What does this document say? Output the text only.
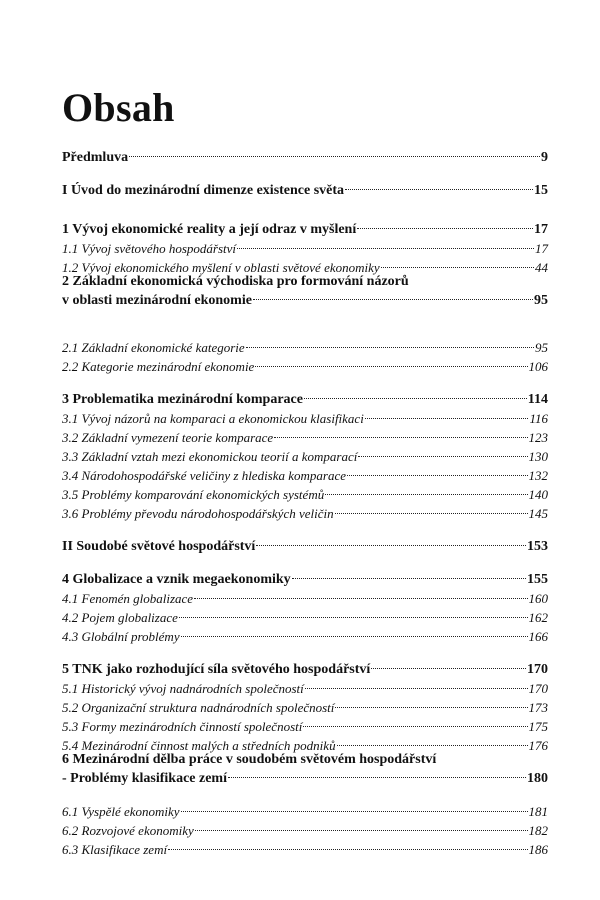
Obsah
Předmluva	9
I Úvod do mezinárodní dimenze existence světa	15
1 Vývoj ekonomické reality a její odraz v myšlení	17
1.1 Vývoj světového hospodářství	17
1.2 Vývoj ekonomického myšlení v oblasti světové ekonomiky	44
2 Základní ekonomická východiska pro formování názorů
v oblasti mezinárodní ekonomie	95
2.1 Základní ekonomické kategorie	95
2.2 Kategorie mezinárodní ekonomie	106
3 Problematika mezinárodní komparace	114
3.1 Vývoj názorů na komparaci a ekonomickou klasifikaci	116
3.2 Základní vymezení teorie komparace	123
3.3 Základní vztah mezi ekonomickou teorií a komparací	130
3.4 Národohospodářské veličiny z hlediska komparace	132
3.5 Problémy komparování ekonomických systémů	140
3.6 Problémy převodu národohospodářských veličin	145
II Soudobé světové hospodářství	153
4 Globalizace a vznik megaekonomiky	155
4.1 Fenomén globalizace	160
4.2 Pojem globalizace	162
4.3 Globální problémy	166
5 TNK jako rozhodující síla světového hospodářství	170
5.1 Historický vývoj nadnárodních společností	170
5.2 Organizační struktura nadnárodních společností	173
5.3 Formy mezinárodních činností společností	175
5.4 Mezinárodní činnost malých a středních podniků	176
6 Mezinárodní dělba práce v soudobém světovém hospodářství
- Problémy klasifikace zemí	180
6.1 Vyspělé ekonomiky	181
6.2 Rozvojové ekonomiky	182
6.3 Klasifikace zemí	186
